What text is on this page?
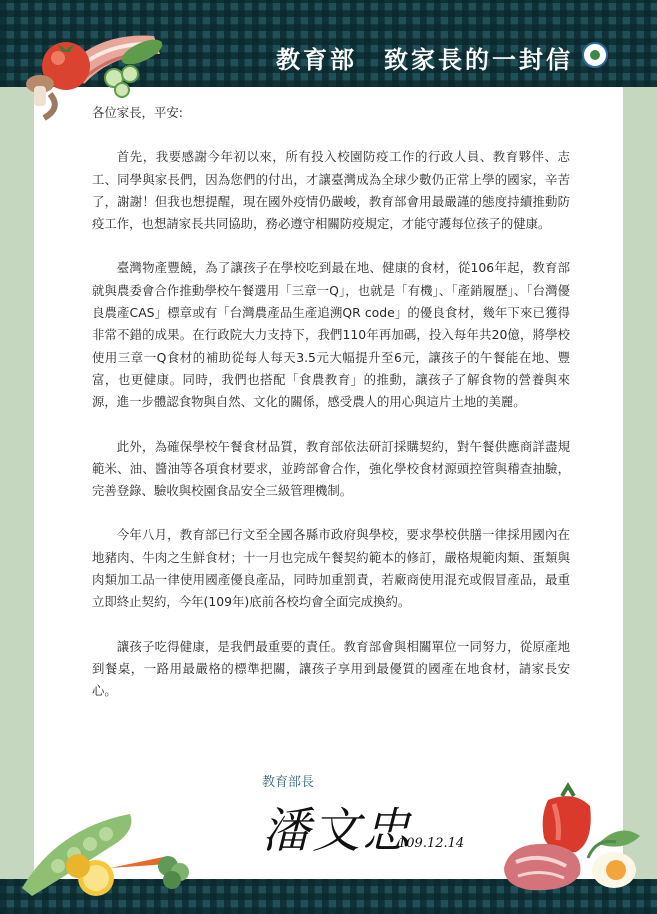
教育部　致家長的一封信

各位家長，平安:

首先，我要感謝今年初以來，所有投入校園防疫工作的行政人員、教育夥伴、志工、同學與家長們，因為您們的付出，才讓臺灣成為全球少數仍正常上學的國家，辛苦了，謝謝！但我也想提醒，現在國外疫情仍嚴峻，教育部會用最嚴謹的態度持續推動防疫工作，也想請家長共同協助，務必遵守相關防疫規定，才能守護每位孩子的健康。

臺灣物產豐饒，為了讓孩子在學校吃到最在地、健康的食材，從106年起，教育部就與農委會合作推動學校午餐選用「三章一Q」，也就是「有機」、「產銷履歷」、「台灣優良農產CAS」標章或有「台灣農產品生產追溯QR code」的優良食材，幾年下來已獲得非常不錯的成果。在行政院大力支持下，我們110年再加碼，投入每年共20億，將學校使用三章一Q食材的補助從每人每天3.5元大幅提升至6元，讓孩子的午餐能在地、豐富，也更健康。同時，我們也搭配「食農教育」的推動，讓孩子了解食物的營養與來源，進一步體認食物與自然、文化的關係，感受農人的用心與這片土地的美麗。

此外，為確保學校午餐食材品質，教育部依法研訂採購契約，對午餐供應商詳盡規範米、油、醬油等各項食材要求，並跨部會合作，強化學校食材源頭控管與稽查抽驗，完善登錄、驗收與校園食品安全三級管理機制。

今年八月，教育部已行文至全國各縣市政府與學校，要求學校供膳一律採用國內在地豬肉、牛肉之生鮮食材；十一月也完成午餐契約範本的修訂，嚴格規範肉類、蛋類與肉類加工品一律使用國產優良產品，同時加重罰責，若廠商使用混充或假冒產品，最重立即終止契約，今年(109年)底前各校均會全面完成換約。

讓孩子吃得健康，是我們最重要的責任。教育部會與相關單位一同努力，從原產地到餐桌，一路用最嚴格的標準把關，讓孩子享用到最優質的國產在地食材，請家長安心。

教育部長
潘文忠
109.12.14
